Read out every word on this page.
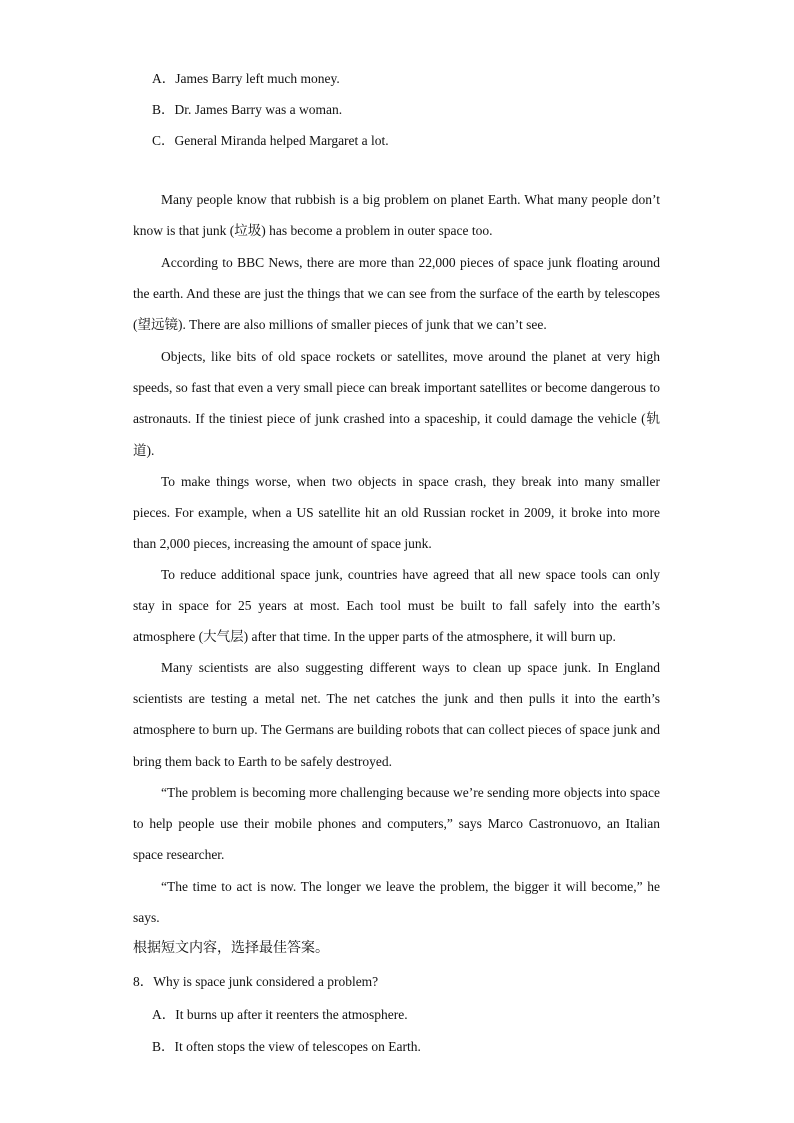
A．James Barry left much money.
B．Dr. James Barry was a woman.
C．General Miranda helped Margaret a lot.

Many people know that rubbish is a big problem on planet Earth. What many people don’t know is that junk (垃圾) has become a problem in outer space too.

According to BBC News, there are more than 22,000 pieces of space junk floating around the earth. And these are just the things that we can see from the surface of the earth by telescopes (望远镜). There are also millions of smaller pieces of junk that we can’t see.

Objects, like bits of old space rockets or satellites, move around the planet at very high speeds, so fast that even a very small piece can break important satellites or become dangerous to astronauts. If the tiniest piece of junk crashed into a spaceship, it could damage the vehicle (轨道).

To make things worse, when two objects in space crash, they break into many smaller pieces. For example, when a US satellite hit an old Russian rocket in 2009, it broke into more than 2,000 pieces, increasing the amount of space junk.

To reduce additional space junk, countries have agreed that all new space tools can only stay in space for 25 years at most. Each tool must be built to fall safely into the earth’s atmosphere (大气层) after that time. In the upper parts of the atmosphere, it will burn up.

Many scientists are also suggesting different ways to clean up space junk. In England scientists are testing a metal net. The net catches the junk and then pulls it into the earth’s atmosphere to burn up. The Germans are building robots that can collect pieces of space junk and bring them back to Earth to be safely destroyed.

“The problem is becoming more challenging because we’re sending more objects into space to help people use their mobile phones and computers,” says Marco Castronuovo, an Italian space researcher.

“The time to act is now. The longer we leave the problem, the bigger it will become,” he says.

根据短文内容，选择最佳答案。
8．Why is space junk considered a problem?
A．It burns up after it reenters the atmosphere.
B．It often stops the view of telescopes on Earth.
